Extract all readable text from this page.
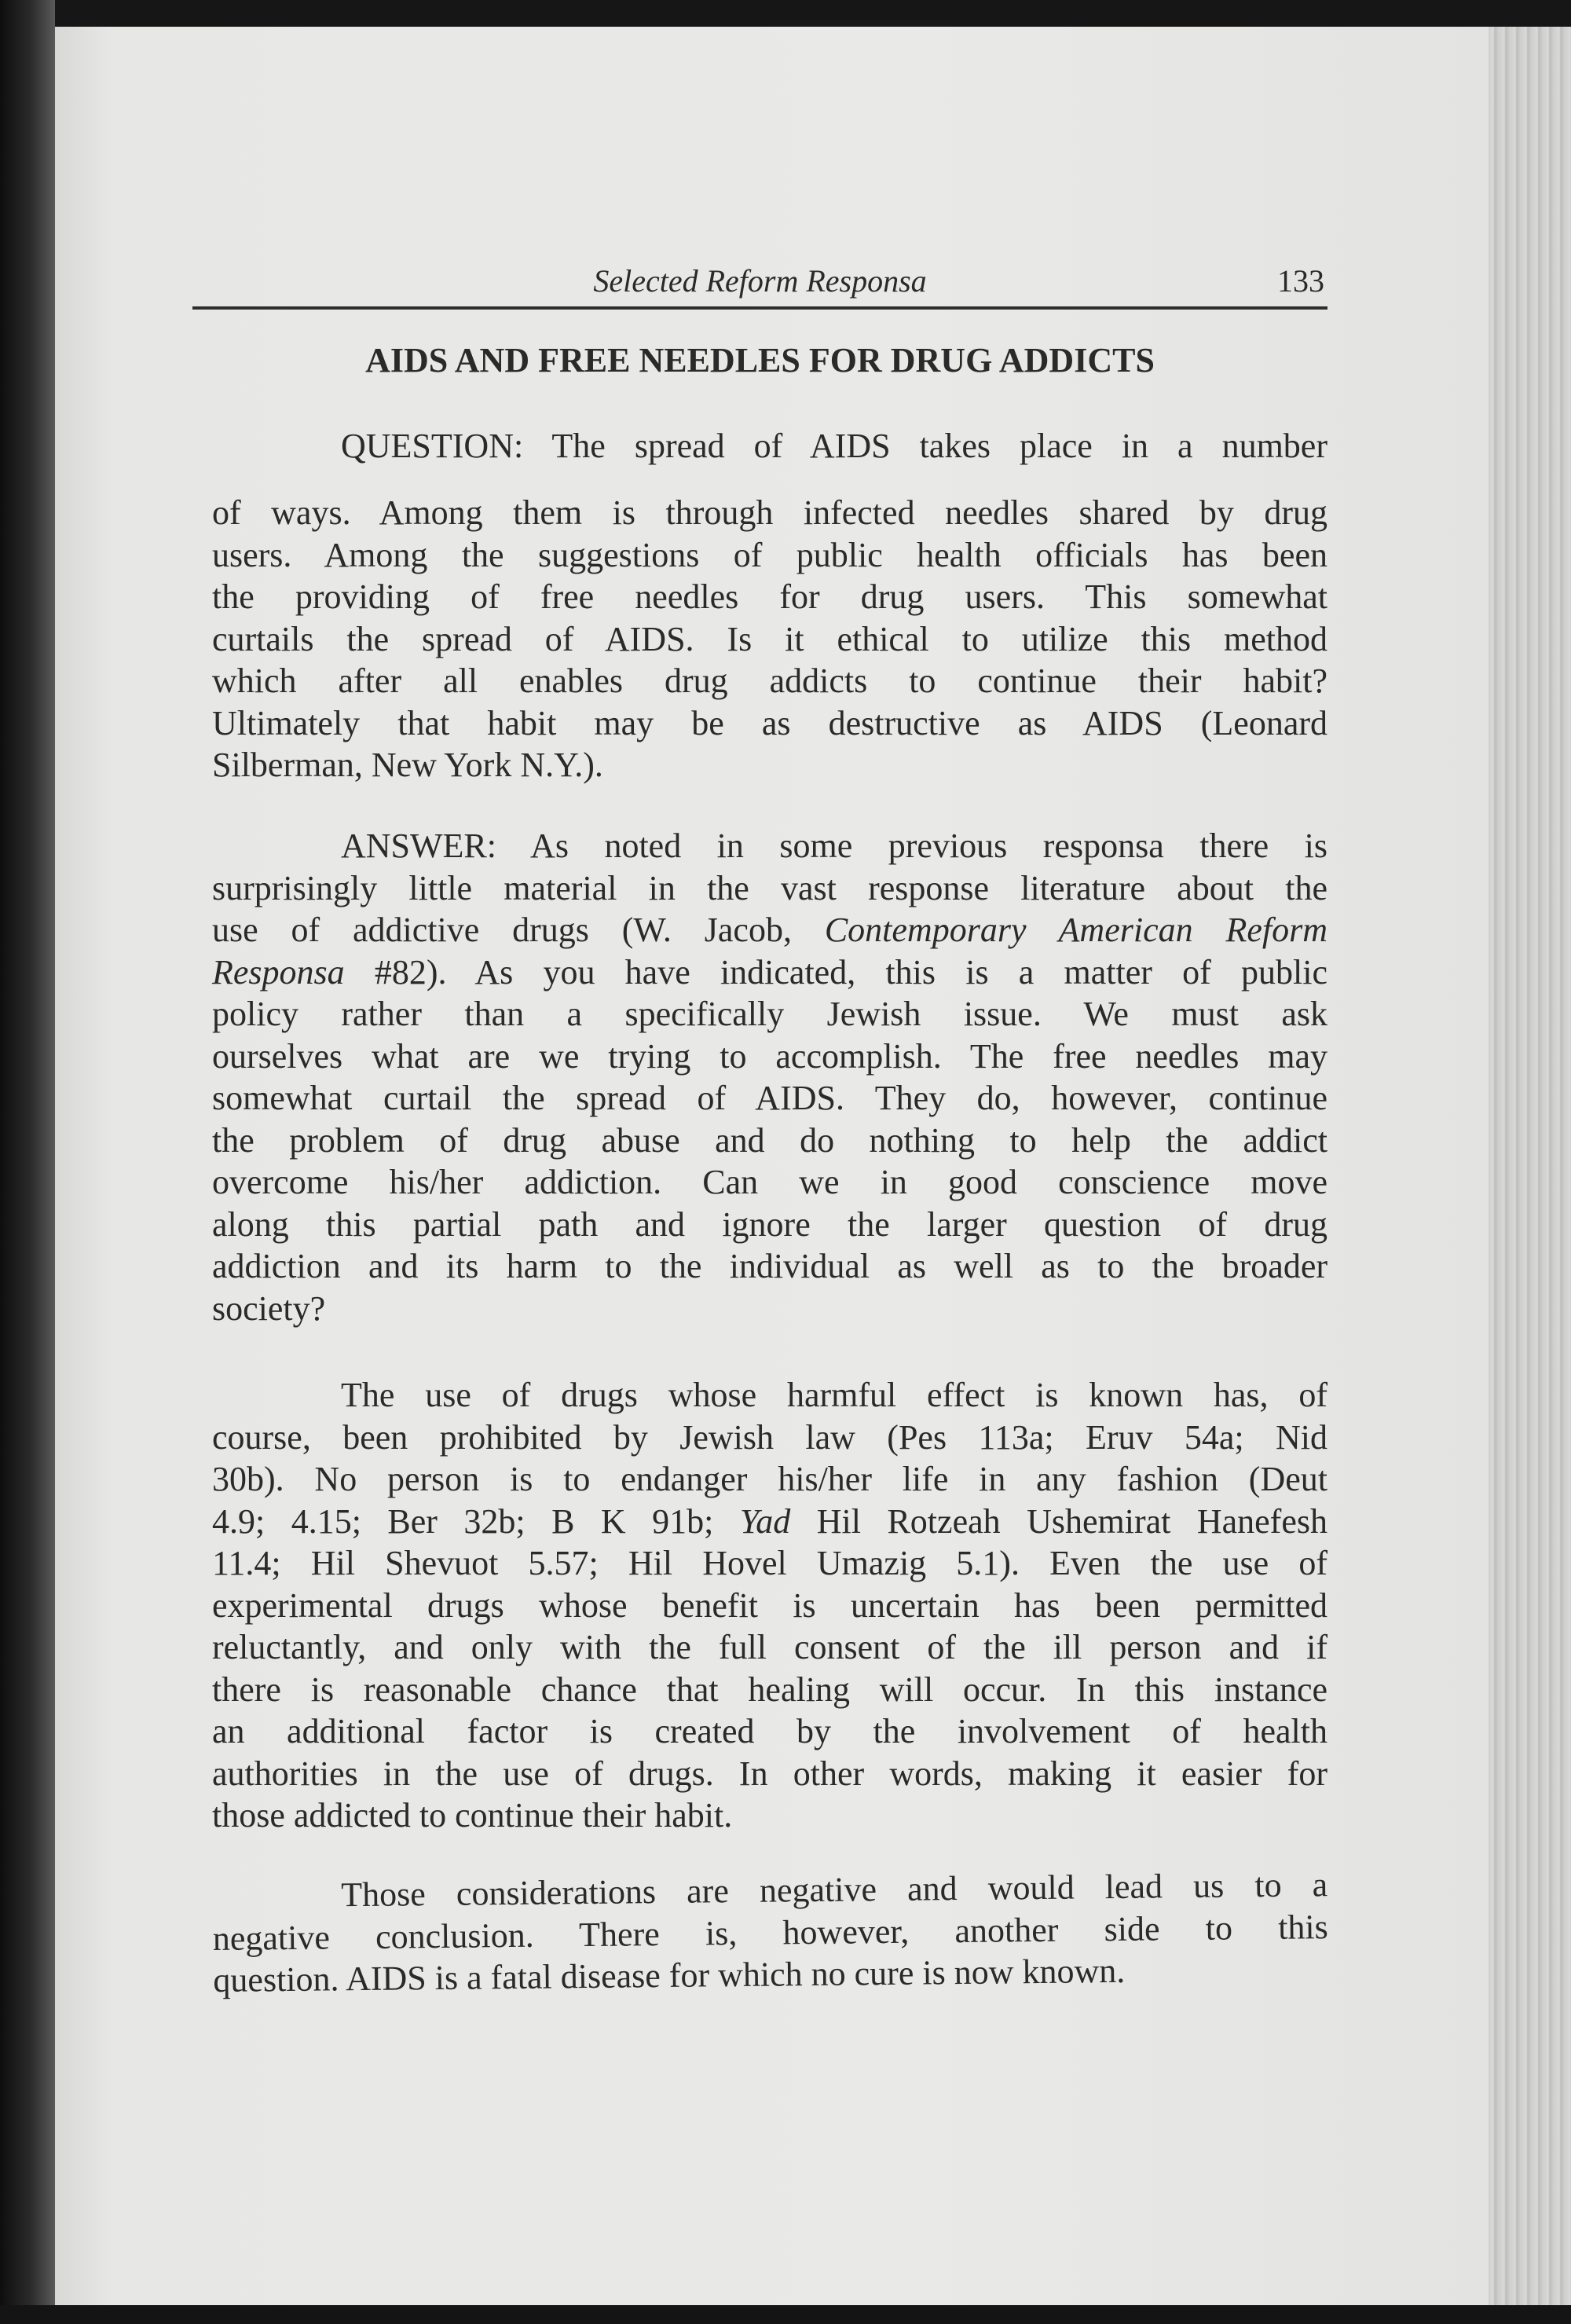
Selected Reform Responsa	133
AIDS AND FREE NEEDLES FOR DRUG ADDICTS
QUESTION: The spread of AIDS takes place in a number
of ways. Among them is through infected needles shared by drug
users. Among the suggestions of public health officials has been
the providing of free needles for drug users. This somewhat
curtails the spread of AIDS. Is it ethical to utilize this method
which after all enables drug addicts to continue their habit?
Ultimately that habit may be as destructive as AIDS (Leonard
Silberman, New York N.Y.).
ANSWER: As noted in some previous responsa there is
surprisingly little material in the vast response literature about the
use of addictive drugs (W. Jacob, Contemporary American Reform
Responsa #82). As you have indicated, this is a matter of public
policy rather than a specifically Jewish issue. We must ask
ourselves what are we trying to accomplish. The free needles may
somewhat curtail the spread of AIDS. They do, however, continue
the problem of drug abuse and do nothing to help the addict
overcome his/her addiction. Can we in good conscience move
along this partial path and ignore the larger question of drug
addiction and its harm to the individual as well as to the broader
society?
The use of drugs whose harmful effect is known has, of
course, been prohibited by Jewish law (Pes 113a; Eruv 54a; Nid
30b). No person is to endanger his/her life in any fashion (Deut
4.9; 4.15; Ber 32b; B K 91b; Yad Hil Rotzeah Ushemirat Hanefesh
11.4; Hil Shevuot 5.57; Hil Hovel Umazig 5.1). Even the use of
experimental drugs whose benefit is uncertain has been permitted
reluctantly, and only with the full consent of the ill person and if
there is reasonable chance that healing will occur. In this instance
an additional factor is created by the involvement of health
authorities in the use of drugs. In other words, making it easier for
those addicted to continue their habit.
Those considerations are negative and would lead us to a
negative conclusion. There is, however, another side to this
question. AIDS is a fatal disease for which no cure is now known.
